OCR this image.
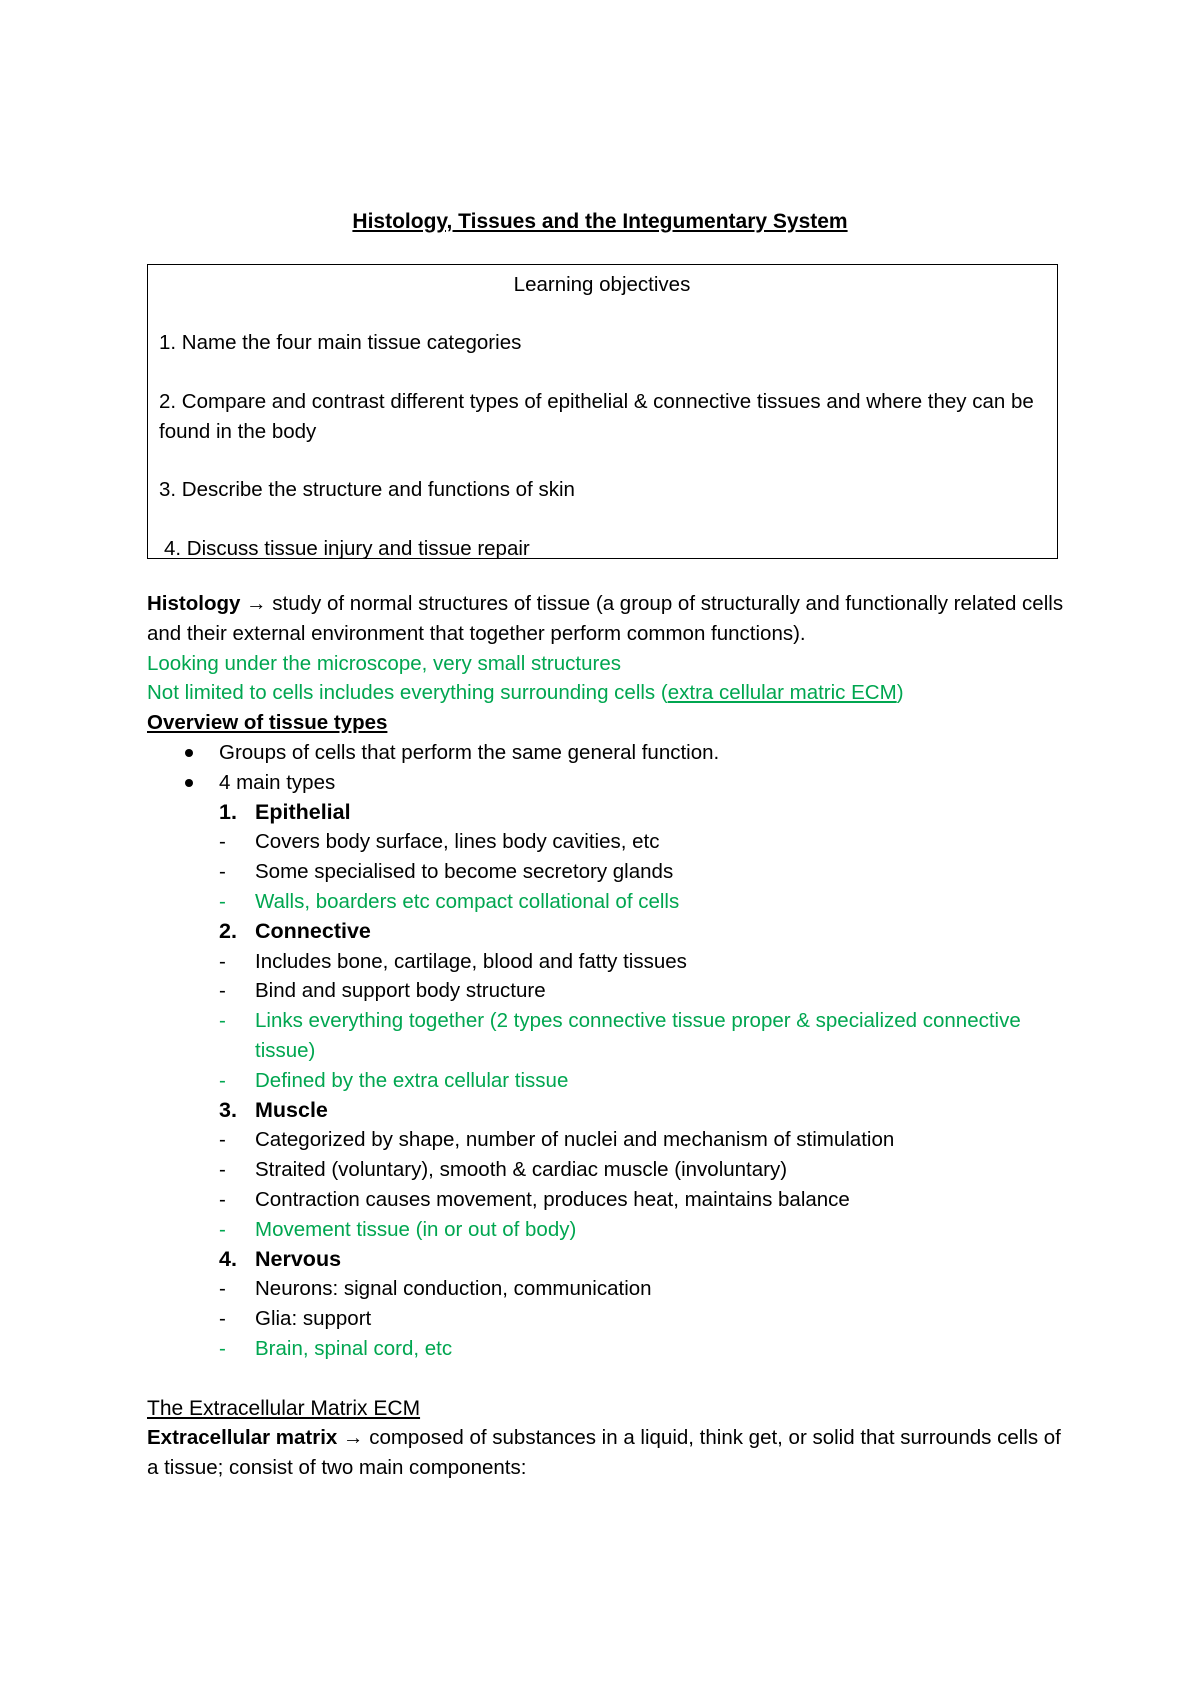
Histology, Tissues and the Integumentary System
Learning objectives
1. Name the four main tissue categories
2. Compare and contrast different types of epithelial & connective tissues and where they can be found in the body
3. Describe the structure and functions of skin
4. Discuss tissue injury and tissue repair
Histology → study of normal structures of tissue (a group of structurally and functionally related cells and their external environment that together perform common functions).
Looking under the microscope, very small structures
Not limited to cells includes everything surrounding cells (extra cellular matric ECM)
Overview of tissue types
Groups of cells that perform the same general function.
4 main types
1. Epithelial
- Covers body surface, lines body cavities, etc
- Some specialised to become secretory glands
- Walls, boarders etc compact collational of cells
2. Connective
- Includes bone, cartilage, blood and fatty tissues
- Bind and support body structure
- Links everything together (2 types connective tissue proper & specialized connective tissue)
- Defined by the extra cellular tissue
3. Muscle
- Categorized by shape, number of nuclei and mechanism of stimulation
- Straited (voluntary), smooth & cardiac muscle (involuntary)
- Contraction causes movement, produces heat, maintains balance
- Movement tissue (in or out of body)
4. Nervous
- Neurons: signal conduction, communication
- Glia: support
- Brain, spinal cord, etc
The Extracellular Matrix ECM
Extracellular matrix → composed of substances in a liquid, think get, or solid that surrounds cells of a tissue; consist of two main components:
